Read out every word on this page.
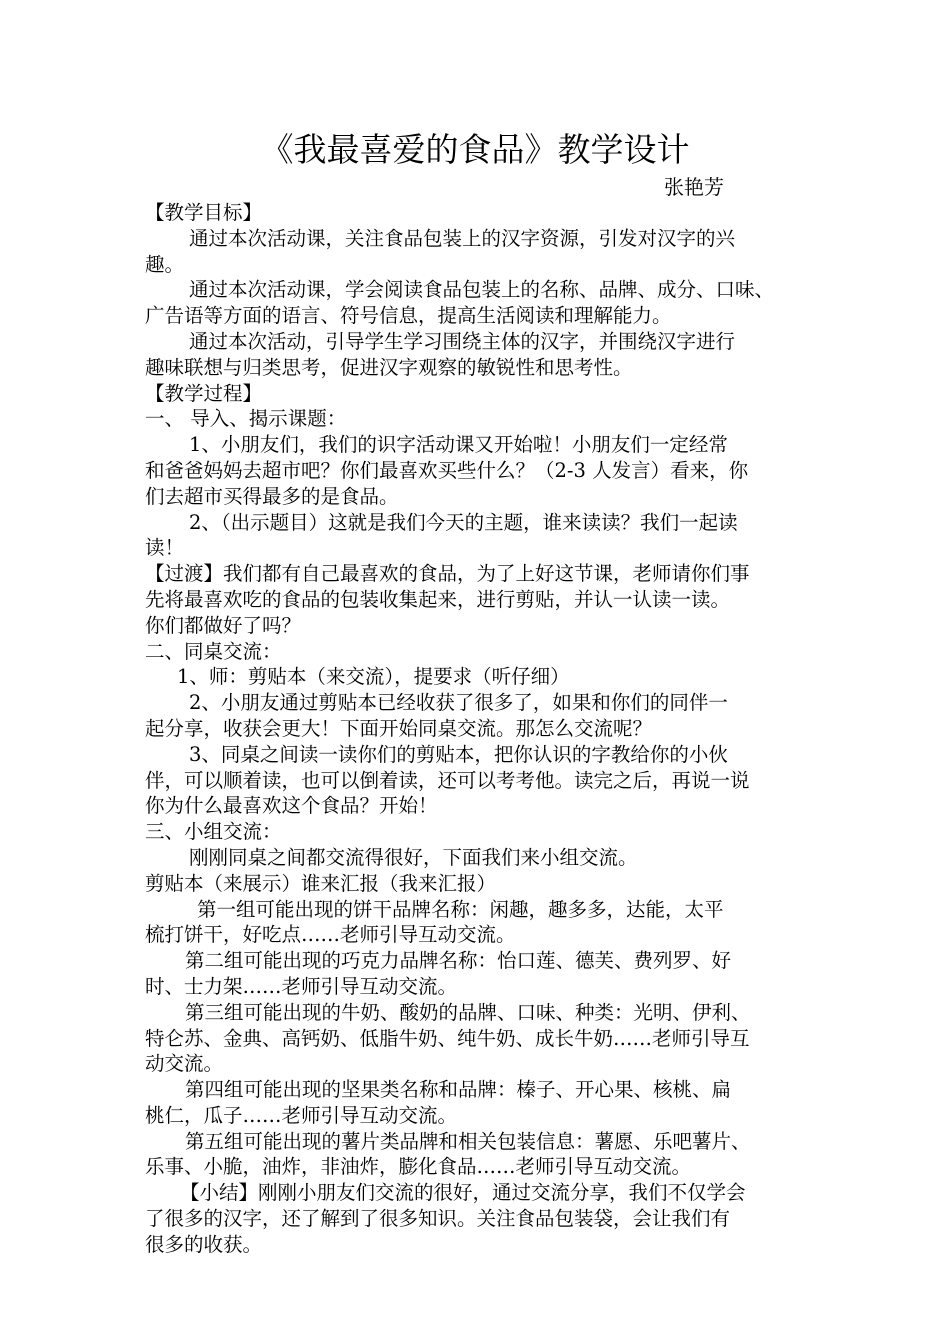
《我最喜爱的食品》教学设计
张艳芳
【教学目标】
通过本次活动课，关注食品包装上的汉字资源，引发对汉字的兴
趣。
通过本次活动课，学会阅读食品包装上的名称、品牌、成分、口味、
广告语等方面的语言、符号信息，提高生活阅读和理解能力。
通过本次活动，引导学生学习围绕主体的汉字，并围绕汉字进行
趣味联想与归类思考，促进汉字观察的敏锐性和思考性。
【教学过程】
一、 导入、揭示课题：
1、小朋友们，我们的识字活动课又开始啦！小朋友们一定经常
和爸爸妈妈去超市吧？你们最喜欢买些什么？（2-3 人发言）看来，你
们去超市买得最多的是食品。
2、（出示题目）这就是我们今天的主题，谁来读读？我们一起读
读！
【过渡】我们都有自己最喜欢的食品，为了上好这节课，老师请你们事
先将最喜欢吃的食品的包装收集起来，进行剪贴，并认一认读一读。
你们都做好了吗？
二、同桌交流：
1、师：剪贴本（来交流），提要求（听仔细）
2、小朋友通过剪贴本已经收获了很多了，如果和你们的同伴一
起分享，收获会更大！下面开始同桌交流。那怎么交流呢？
3、同桌之间读一读你们的剪贴本，把你认识的字教给你的小伙
伴，可以顺着读，也可以倒着读，还可以考考他。读完之后，再说一说
你为什么最喜欢这个食品？开始！
三、小组交流：
刚刚同桌之间都交流得很好，下面我们来小组交流。
剪贴本（来展示）谁来汇报（我来汇报）
第一组可能出现的饼干品牌名称：闲趣，趣多多，达能，太平
梳打饼干，好吃点……老师引导互动交流。
第二组可能出现的巧克力品牌名称：怡口莲、德芙、费列罗、好
时、士力架……老师引导互动交流。
第三组可能出现的牛奶、酸奶的品牌、口味、种类：光明、伊利、
特仑苏、金典、高钙奶、低脂牛奶、纯牛奶、成长牛奶……老师引导互
动交流。
第四组可能出现的坚果类名称和品牌：榛子、开心果、核桃、扁
桃仁，瓜子……老师引导互动交流。
第五组可能出现的薯片类品牌和相关包装信息：薯愿、乐吧薯片、
乐事、小脆，油炸，非油炸，膨化食品……老师引导互动交流。
【小结】刚刚小朋友们交流的很好，通过交流分享，我们不仅学会
了很多的汉字，还了解到了很多知识。关注食品包装袋，会让我们有
很多的收获。
